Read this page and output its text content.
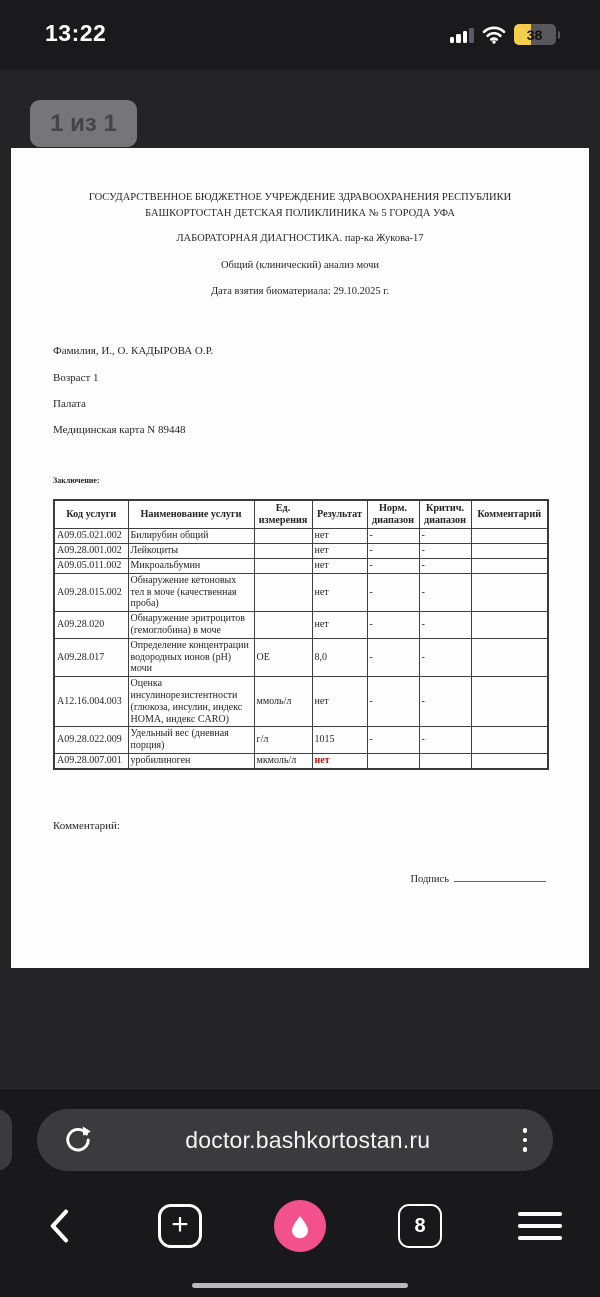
13:22	38
1 из 1
ГОСУДАРСТВЕННОЕ БЮДЖЕТНОЕ УЧРЕЖДЕНИЕ ЗДРАВООХРАНЕНИЯ РЕСПУБЛИКИ
БАШКОРТОСТАН ДЕТСКАЯ ПОЛИКЛИНИКА № 5 ГОРОДА УФА
ЛАБОРАТОРНАЯ ДИАГНОСТИКА. пар-ка Жукова-17
Общий (клинический) анализ мочи
Дата взятия биоматериала: 29.10.2025 г.
Фамилия, И., О. КАДЫРОВА О.Р.
Возраст 1
Палата
Медицинская карта N 89448
Заключение:
Код услуги	Наименование услуги	Ед. измерения	Результат	Норм. диапазон	Критич. диапазон	Комментарий
A09.05.021.002	Билирубин общий		нет	-	-	
A09.28.001.002	Лейкоциты		нет	-	-	
A09.05.011.002	Микроальбумин		нет	-	-	
A09.28.015.002	Обнаружение кетоновых тел в моче (качественная проба)		нет	-	-	
A09.28.020	Обнаружение эритроцитов (гемоглобина) в моче		нет	-	-	
A09.28.017	Определение концентрации водородных ионов (pH) мочи	ОЕ	8,0	-	-	
A12.16.004.003	Оценка инсулинорезистентности (глюкоза, инсулин, индекс HOMA, индекс CARO)	ммоль/л	нет	-	-	
A09.28.022.009	Удельный вес (дневная порция)	г/л	1015	-	-	
A09.28.007.001	уробилиноген	мкмоль/л	нет			
Комментарий:
Подпись
doctor.bashkortostan.ru
+	8
